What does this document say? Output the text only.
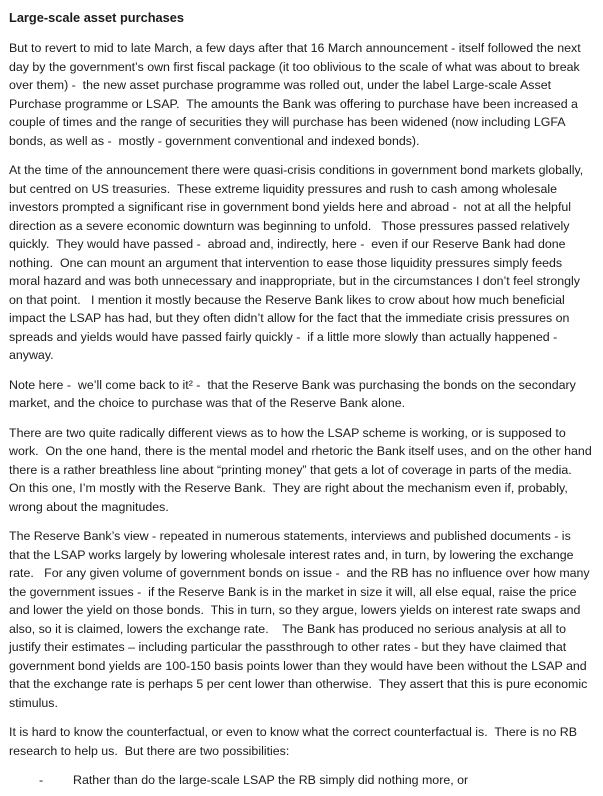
Large-scale asset purchases

But to revert to mid to late March, a few days after that 16 March announcement - itself followed the next day by the government’s own first fiscal package (it too oblivious to the scale of what was about to break over them) -  the new asset purchase programme was rolled out, under the label Large-scale Asset Purchase programme or LSAP.  The amounts the Bank was offering to purchase have been increased a couple of times and the range of securities they will purchase has been widened (now including LGFA bonds, as well as -  mostly - government conventional and indexed bonds).

At the time of the announcement there were quasi-crisis conditions in government bond markets globally, but centred on US treasuries.  These extreme liquidity pressures and rush to cash among wholesale investors prompted a significant rise in government bond yields here and abroad -  not at all the helpful direction as a severe economic downturn was beginning to unfold.   Those pressures passed relatively quickly.  They would have passed -  abroad and, indirectly, here -  even if our Reserve Bank had done nothing.  One can mount an argument that intervention to ease those liquidity pressures simply feeds moral hazard and was both unnecessary and inappropriate, but in the circumstances I don’t feel strongly on that point.   I mention it mostly because the Reserve Bank likes to crow about how much beneficial impact the LSAP has had, but they often didn’t allow for the fact that the immediate crisis pressures on spreads and yields would have passed fairly quickly -  if a little more slowly than actually happened -  anyway.

Note here -  we’ll come back to it² -  that the Reserve Bank was purchasing the bonds on the secondary market, and the choice to purchase was that of the Reserve Bank alone.

There are two quite radically different views as to how the LSAP scheme is working, or is supposed to work.  On the one hand, there is the mental model and rhetoric the Bank itself uses, and on the other hand there is a rather breathless line about “printing money” that gets a lot of coverage in parts of the media.  On this one, I’m mostly with the Reserve Bank.  They are right about the mechanism even if, probably, wrong about the magnitudes.

The Reserve Bank’s view - repeated in numerous statements, interviews and published documents - is that the LSAP works largely by lowering wholesale interest rates and, in turn, by lowering the exchange rate.   For any given volume of government bonds on issue -  and the RB has no influence over how many the government issues -  if the Reserve Bank is in the market in size it will, all else equal, raise the price and lower the yield on those bonds.  This in turn, so they argue, lowers yields on interest rate swaps and also, so it is claimed, lowers the exchange rate.    The Bank has produced no serious analysis at all to justify their estimates – including particular the passthrough to other rates - but they have claimed that government bond yields are 100-150 basis points lower than they would have been without the LSAP and that the exchange rate is perhaps 5 per cent lower than otherwise.  They assert that this is pure economic stimulus.

It is hard to know the counterfactual, or even to know what the correct counterfactual is.  There is no RB research to help us.  But there are two possibilities:

-	Rather than do the large-scale LSAP the RB simply did nothing more, or
